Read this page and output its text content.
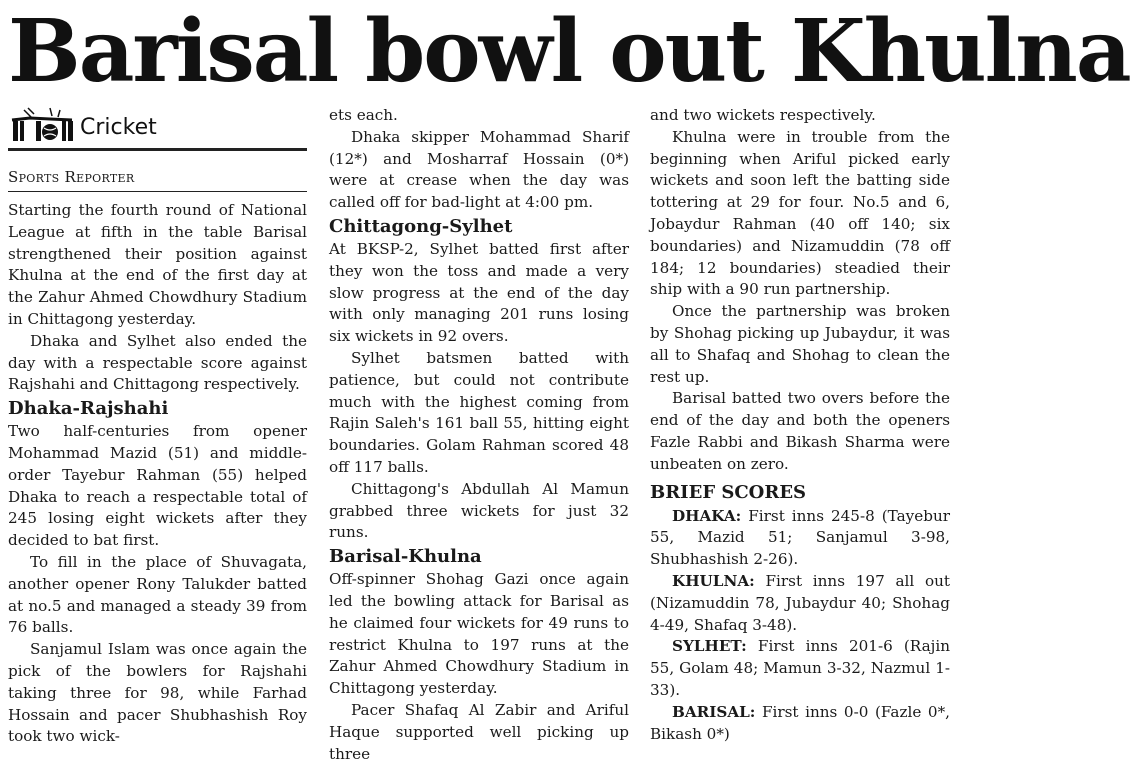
Barisal bowl out Khulna
Cricket
Sports Reporter

Starting the fourth round of National League at fifth in the table Barisal strengthened their position against Khulna at the end of the first day at the Zahur Ahmed Chowdhury Stadium in Chittagong yesterday.

Dhaka and Sylhet also ended the day with a respectable score against Rajshahi and Chittagong respectively.

Dhaka-Rajshahi

Two half-centuries from opener Mohammad Mazid (51) and middle-order Tayebur Rahman (55) helped Dhaka to reach a respectable total of 245 losing eight wickets after they decided to bat first.

To fill in the place of Shuvagata, another opener Rony Talukder batted at no.5 and managed a steady 39 from 76 balls.

Sanjamul Islam was once again the pick of the bowlers for Rajshahi taking three for 98, while Farhad Hossain and pacer Shubhashish Roy took two wick-

ets each.

Dhaka skipper Mohammad Sharif (12*) and Mosharraf Hossain (0*) were at crease when the day was called off for bad-light at 4:00 pm.

Chittagong-Sylhet

At BKSP-2, Sylhet batted first after they won the toss and made a very slow progress at the end of the day with only managing 201 runs losing six wickets in 92 overs.

Sylhet batsmen batted with patience, but could not contribute much with the highest coming from Rajin Saleh's 161 ball 55, hitting eight boundaries. Golam Rahman scored 48 off 117 balls.

Chittagong's Abdullah Al Mamun grabbed three wickets for just 32 runs.

Barisal-Khulna

Off-spinner Shohag Gazi once again led the bowling attack for Barisal as he claimed four wickets for 49 runs to restrict Khulna to 197 runs at the Zahur Ahmed Chowdhury Stadium in Chittagong yesterday.

Pacer Shafaq Al Zabir and Ariful Haque supported well picking up three

and two wickets respectively.

Khulna were in trouble from the beginning when Ariful picked early wickets and soon left the batting side tottering at 29 for four. No.5 and 6, Jobaydur Rahman (40 off 140; six boundaries) and Nizamuddin (78 off 184; 12 boundaries) steadied their ship with a 90 run partnership.

Once the partnership was broken by Shohag picking up Jubaydur, it was all to Shafaq and Shohag to clean the rest up.

Barisal batted two overs before the end of the day and both the openers Fazle Rabbi and Bikash Sharma were unbeaten on zero.

BRIEF SCORES

DHAKA: First inns 245-8 (Tayebur 55, Mazid 51; Sanjamul 3-98, Shubhashish 2-26).

KHULNA: First inns 197 all out (Nizamuddin 78, Jubaydur 40; Shohag 4-49, Shafaq 3-48).

SYLHET: First inns 201-6 (Rajin 55, Golam 48; Mamun 3-32, Nazmul 1-33).

BARISAL: First inns 0-0 (Fazle 0*, Bikash 0*)
